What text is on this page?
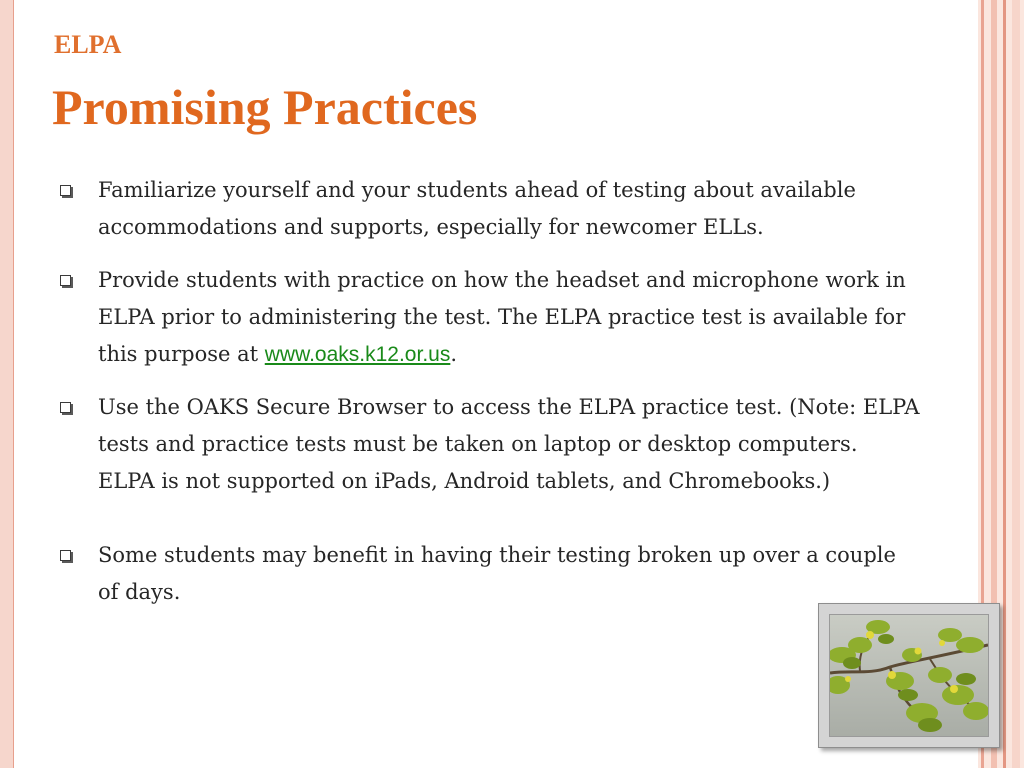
ELPA
Promising Practices
Familiarize yourself and your students ahead of testing about available accommodations and supports, especially for newcomer ELLs.
Provide students with practice on how the headset and microphone work in ELPA prior to administering the test. The ELPA practice test is available for this purpose at www.oaks.k12.or.us.
Use the OAKS Secure Browser to access the ELPA practice test. (Note: ELPA tests and practice tests must be taken on laptop or desktop computers. ELPA is not supported on iPads, Android tablets, and Chromebooks.)
Some students may benefit in having their testing broken up over a couple of days.
